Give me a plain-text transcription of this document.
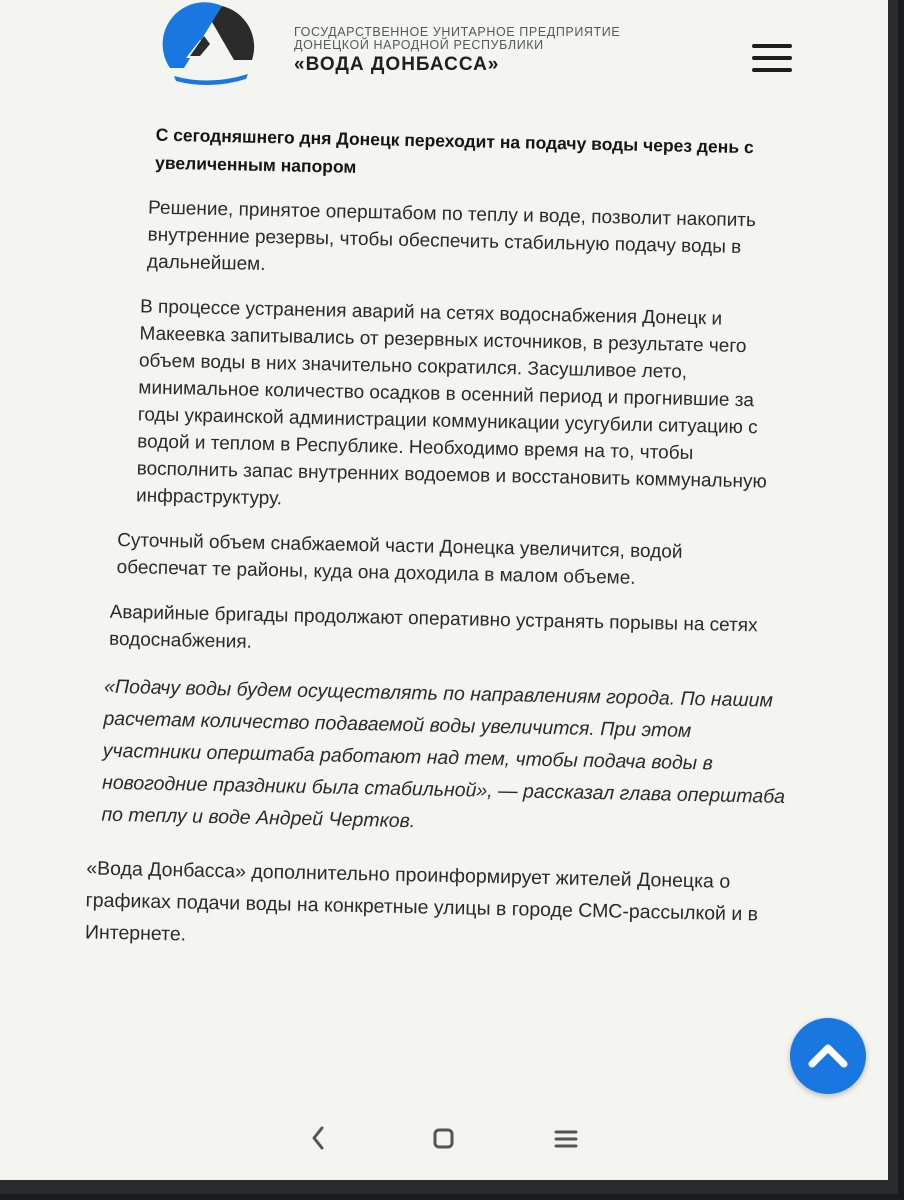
ГОСУДАРСТВЕННОЕ УНИТАРНОЕ ПРЕДПРИЯТИЕ
ДОНЕЦКОЙ НАРОДНОЙ РЕСПУБЛИКИ
«ВОДА ДОНБАССА»
С сегодняшнего дня Донецк переходит на подачу воды через день с увеличенным напором
Решение, принятое оперштабом по теплу и воде, позволит накопить внутренние резервы, чтобы обеспечить стабильную подачу воды в дальнейшем.
В процессе устранения аварий на сетях водоснабжения Донецк и Макеевка запитывались от резервных источников, в результате чего объем воды в них значительно сократился. Засушливое лето, минимальное количество осадков в осенний период и прогнившие за годы украинской администрации коммуникации усугубили ситуацию с водой и теплом в Республике. Необходимо время на то, чтобы восполнить запас внутренних водоемов и восстановить коммунальную инфраструктуру.
Суточный объем снабжаемой части Донецка увеличится, водой обеспечат те районы, куда она доходила в малом объеме.
Аварийные бригады продолжают оперативно устранять порывы на сетях водоснабжения.
«Подачу воды будем осуществлять по направлениям города. По нашим расчетам количество подаваемой воды увеличится. При этом участники оперштаба работают над тем, чтобы подача воды в новогодние праздники была стабильной», — рассказал глава оперштаба по теплу и воде Андрей Чертков.
«Вода Донбасса» дополнительно проинформирует жителей Донецка о графиках подачи воды на конкретные улицы в городе СМС-рассылкой и в Интернете.
